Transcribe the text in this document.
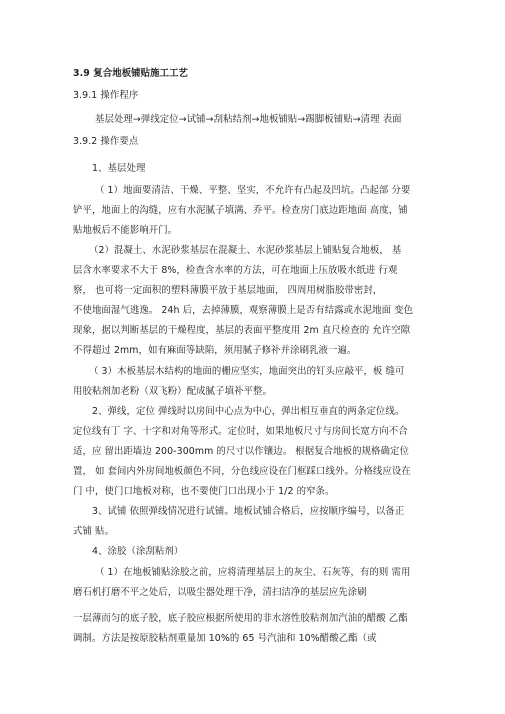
3.9 复合地板铺贴施工工艺
3.9.1 操作程序
基层处理→弹线定位→试铺→刮粘结剂→地板铺贴→踢脚板铺贴→清理 表面
3.9.2 操作要点
1、基层处理
（ 1）地面要清洁、干燥、平整、坚实，不允许有凸起及凹坑。凸起部 分要
铲平，地面上的沟缝，应有水泥腻子填满、乔平。检查房门底边距地面 高度，铺
贴地板后不能影响开门。
（2）混凝土、水泥砂浆基层在混凝土、水泥砂浆基层上铺贴复合地板， 基
层含水率要求不大于 8%，检查含水率的方法，可在地面上压放吸水纸进 行观
察， 也可将一定面积的塑料薄膜平放于基层地面， 四周用树脂胶带密封，
不使地面湿气逃逸。 24h 后，去掉薄膜，观察薄膜上是否有结露或水泥地面 变色
现象，据以判断基层的干燥程度，基层的表面平整度用 2m 直尺检查的 允许空隙
不得超过 2mm，如有麻面等缺陷，须用腻子修补并涂刷乳液一遍。
（ 3）木板基层木结构的地面的栅应坚实，地面突出的钉头应敲平，板 缝可
用胶粘剂加老粉（双飞粉）配成腻子填补平整。
2、弹线，定位 弹线时以房间中心点为中心，弹出相互垂直的两条定位线。
定位线有丁 字、十字和对角等形式。定位时，如果地板尺寸与房间长宽方向不合
适，应 留出距墙边 200-300mm 的尺寸以作镶边。 根据复合地板的规格确定位
置， 如 套间内外房间地板颜色不同，分色线应设在门框踩口线外。分格线应设在
门 中，使门口地板对称，也不要使门口出现小于 1/2 的窄条。
3、试铺 依照弹线情况进行试铺。地板试铺合格后，应按顺序编号，以备正
式铺 贴。
4、涂胶（涂刮粘剂）
（ 1）在地板铺贴涂胶之前，应将清理基层上的灰尘、石灰等，有的则 需用
磨石机打磨不平之处后，以吸尘器处理干净，清扫洁净的基层应先涂刷
一层薄而匀的底子胶，底子胶应根据所使用的非水溶性胶粘剂加汽油的醋酸 乙酯
调制。方法是按原胶粘剂重量加 10%的 65 号汽油和 10%醋酸乙酯（或
